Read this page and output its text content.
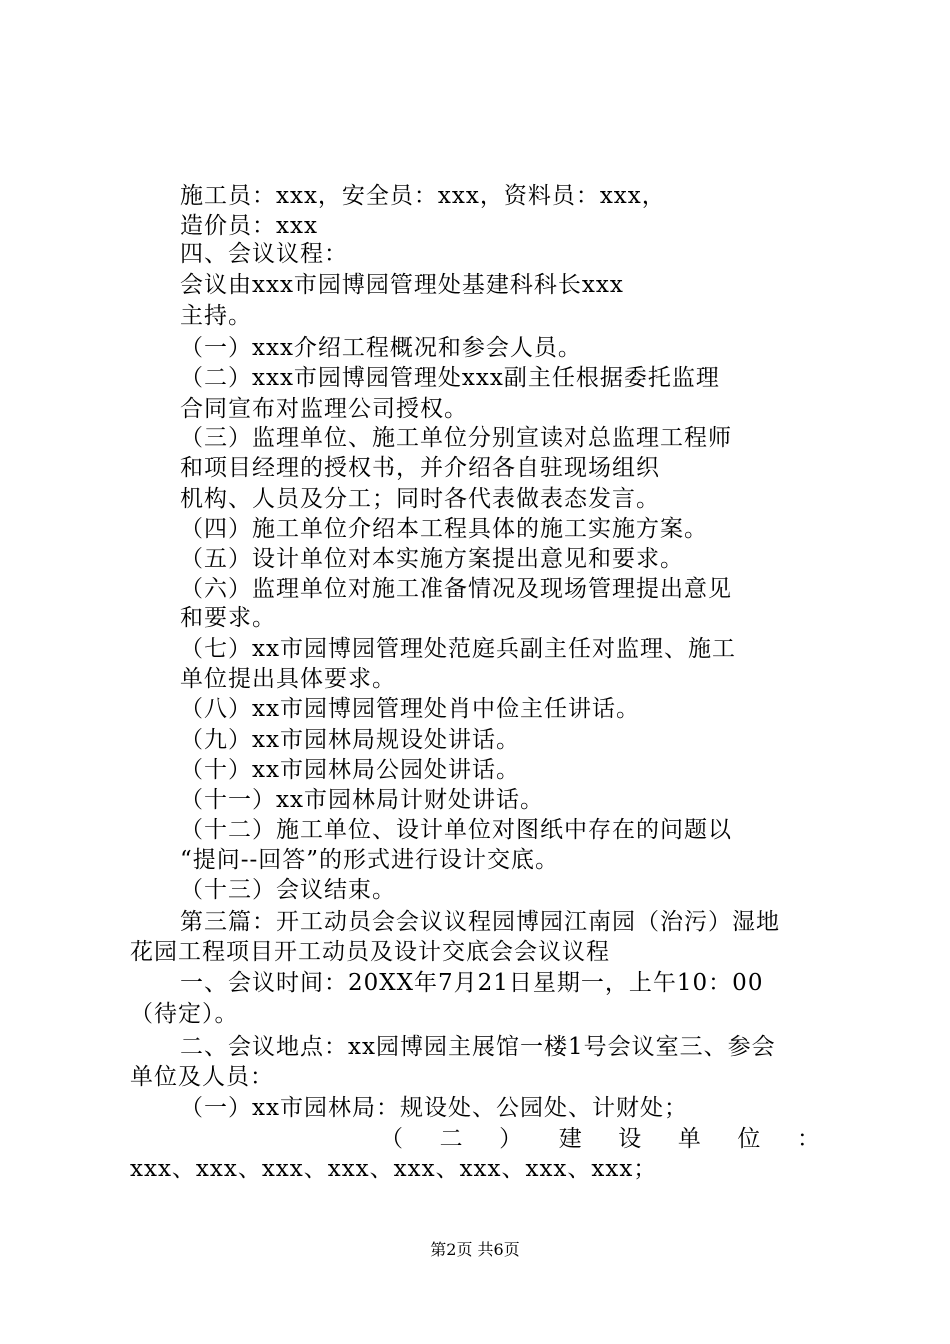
施工员：xxx，安全员：xxx，资料员：xxx，
造价员：xxx
四、会议议程：
会议由xxx市园博园管理处基建科科长xxx
主持。
（一）xxx介绍工程概况和参会人员。
（二）xxx市园博园管理处xxx副主任根据委托监理
合同宣布对监理公司授权。
（三）监理单位、施工单位分别宣读对总监理工程师
和项目经理的授权书，并介绍各自驻现场组织
机构、人员及分工；同时各代表做表态发言。
（四）施工单位介绍本工程具体的施工实施方案。
（五）设计单位对本实施方案提出意见和要求。
（六）监理单位对施工准备情况及现场管理提出意见
和要求。
（七）xx市园博园管理处范庭兵副主任对监理、施工
单位提出具体要求。
（八）xx市园博园管理处肖中俭主任讲话。
（九）xx市园林局规设处讲话。
（十）xx市园林局公园处讲话。
（十一）xx市园林局计财处讲话。
（十二）施工单位、设计单位对图纸中存在的问题以
“提问--回答”的形式进行设计交底。
（十三）会议结束。
第三篇：开工动员会会议议程园博园江南园（治污）湿地
花园工程项目开工动员及设计交底会会议议程
一、会议时间：20XX年7月21日星期一，上午10：00
（待定）。
二、会议地点：xx园博园主展馆一楼1号会议室三、参会
单位及人员：
（一）xx市园林局：规设处、公园处、计财处；
（ 二 ） 建 设 单 位 ：
xxx、xxx、xxx、xxx、xxx、xxx、xxx、xxx；
第2页 共6页
